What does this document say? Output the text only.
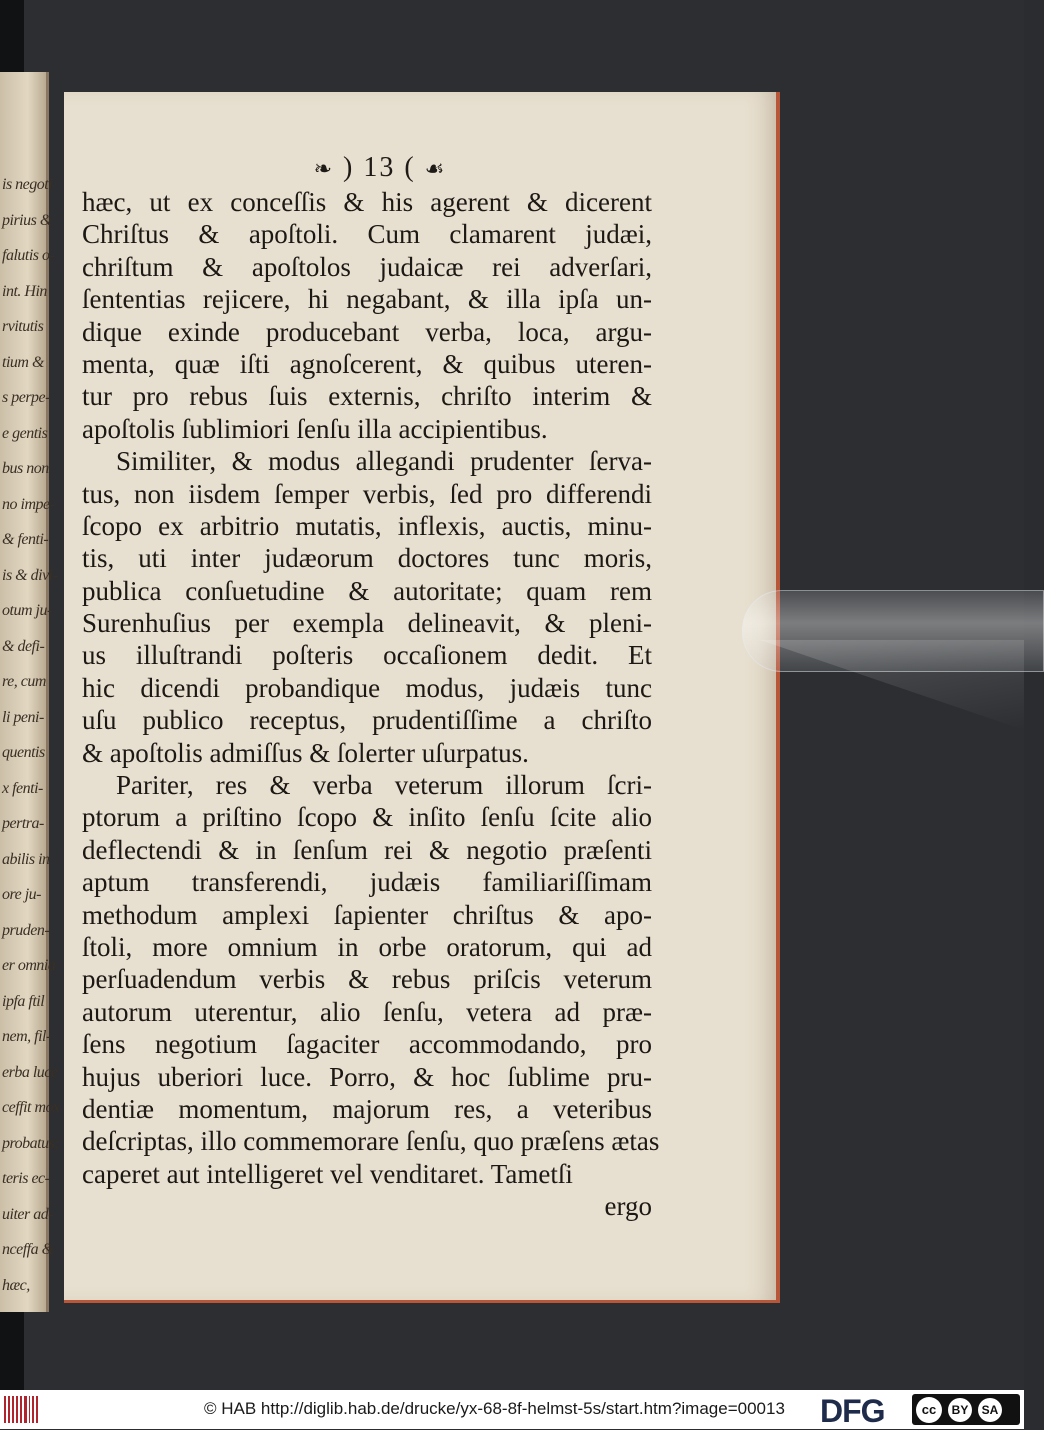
is negoti
pirius &
falutis o-
int. Hin
rvitutis
tium &
s perpe-
e gentis
bus non
no impe-
& fenti-
is & divi-
otum ju-
& defi-
re, cum
li peni-
quentis
x fenti-
pertra-
abilis in
ore ju-
pruden-
er omnia
ipfa ftil
nem, fil-
erba luce
ceffit mox
probatus;
teris ec-
uiter ad-
nceffa &
hæc,
❧ ) 13 ( ☙
hæc, ut ex conceſſis & his agerent & dicerent
Chriſtus & apoſtoli. Cum clamarent judæi,
chriſtum & apoſtolos judaicæ rei adverſari,
ſententias rejicere, hi negabant, & illa ipſa un-
dique exinde producebant verba, loca, argu-
menta, quæ iſti agnoſcerent, & quibus uteren-
tur pro rebus ſuis externis, chriſto interim &
apoſtolis ſublimiori ſenſu illa accipientibus.
Similiter, & modus allegandi prudenter ſerva-
tus, non iisdem ſemper verbis, ſed pro differendi
ſcopo ex arbitrio mutatis, inflexis, auctis, minu-
tis, uti inter judæorum doctores tunc moris,
publica conſuetudine & autoritate; quam rem
Surenhuſius per exempla delineavit, & pleni-
us illuſtrandi poſteris occaſionem dedit. Et
hic dicendi probandique modus, judæis tunc
uſu publico receptus, prudentiſſime a chriſto
& apoſtolis admiſſus & ſolerter uſurpatus.
Pariter, res & verba veterum illorum ſcri-
ptorum a priſtino ſcopo & inſito ſenſu ſcite alio
deflectendi & in ſenſum rei & negotio præſenti
aptum transferendi, judæis familiariſſimam
methodum amplexi ſapienter chriſtus & apo-
ſtoli, more omnium in orbe oratorum, qui ad
perſuadendum verbis & rebus priſcis veterum
autorum uterentur, alio ſenſu, vetera ad præ-
ſens negotium ſagaciter accommodando, pro
hujus uberiori luce. Porro, & hoc ſublime pru-
dentiæ momentum, majorum res, a veteribus
deſcriptas, illo commemorare ſenſu, quo præſens ætas
caperet aut intelligeret vel venditaret. Tametſi
ergo
© HAB http://diglib.hab.de/drucke/yx-68-8f-helmst-5s/start.htm?image=00013 DFG	cc	BY	SA
